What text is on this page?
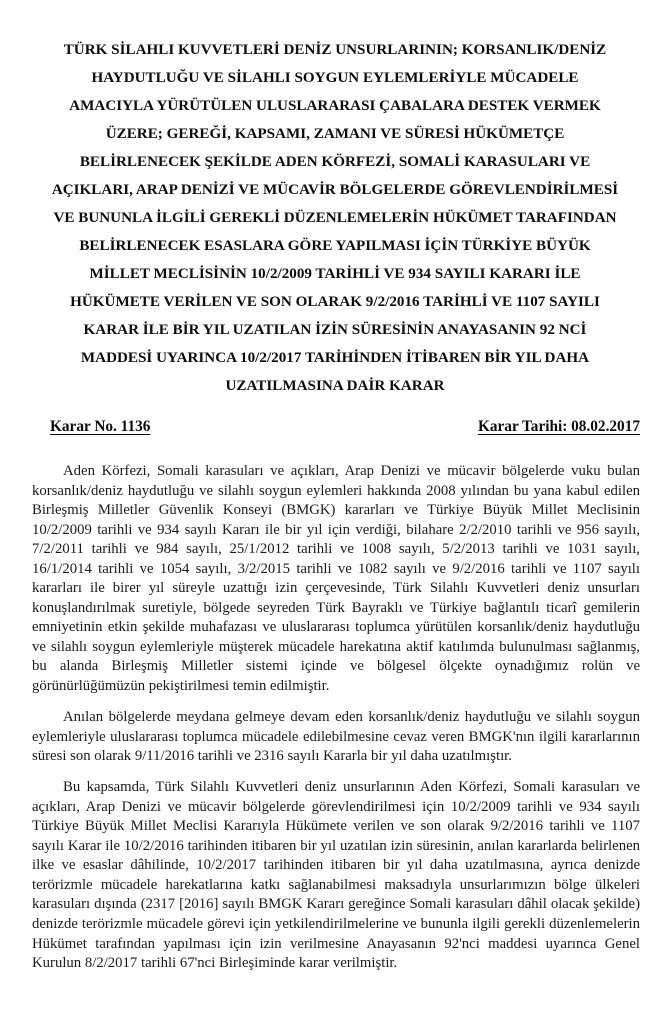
TÜRK SİLAHLI KUVVETLERİ DENİZ UNSURLARININ; KORSANLIK/DENİZ
HAYDUTLUĞU VE SİLAHLI SOYGUN EYLEMLERİYLE MÜCADELE
AMACIYLA YÜRÜTÜLEN ULUSLARARASI ÇABALARA DESTEK VERMEK
ÜZERE; GEREĞİ, KAPSAMI, ZAMANI VE SÜRESİ HÜKÜMETÇE
BELİRLENECEK ŞEKİLDE ADEN KÖRFEZİ, SOMALİ KARASULARI VE
AÇIKLARI, ARAP DENİZİ VE MÜCAVİR BÖLGELERDE GÖREVLENDİRİLMESİ
VE BUNUNLA İLGİLİ GEREKLİ DÜZENLEMELERİN HÜKÜMET TARAFINDAN
BELİRLENECEK ESASLARA GÖRE YAPILMASI İÇİN TÜRKİYE BÜYÜK
MİLLET MECLİSİNİN 10/2/2009 TARİHLİ VE 934 SAYILI KARARI İLE
HÜKÜMETE VERİLEN VE SON OLARAK 9/2/2016 TARİHLİ VE 1107 SAYILI
KARAR İLE BİR YIL UZATILAN İZİN SÜRESİNİN ANAYASANIN 92 NCİ
MADDESİ UYARINCA 10/2/2017 TARİHİNDEN İTİBAREN BİR YIL DAHA
UZATILMASINA DAİR KARAR
Karar No. 1136	Karar Tarihi: 08.02.2017

Aden Körfezi, Somali karasuları ve açıkları, Arap Denizi ve mücavir bölgelerde vuku bulan korsanlık/deniz haydutluğu ve silahlı soygun eylemleri hakkında 2008 yılından bu yana kabul edilen Birleşmiş Milletler Güvenlik Konseyi (BMGK) kararları ve Türkiye Büyük Millet Meclisinin 10/2/2009 tarihli ve 934 sayılı Kararı ile bir yıl için verdiği, bilahare 2/2/2010 tarihli ve 956 sayılı, 7/2/2011 tarihli ve 984 sayılı, 25/1/2012 tarihli ve 1008 sayılı, 5/2/2013 tarihli ve 1031 sayılı, 16/1/2014 tarihli ve 1054 sayılı, 3/2/2015 tarihli ve 1082 sayılı ve 9/2/2016 tarihli ve 1107 sayılı kararları ile birer yıl süreyle uzattığı izin çerçevesinde, Türk Silahlı Kuvvetleri deniz unsurları konuşlandırılmak suretiyle, bölgede seyreden Türk Bayraklı ve Türkiye bağlantılı ticarî gemilerin emniyetinin etkin şekilde muhafazası ve uluslararası toplumca yürütülen korsanlık/deniz haydutluğu ve silahlı soygun eylemleriyle müşterek mücadele harekatına aktif katılımda bulunulması sağlanmış, bu alanda Birleşmiş Milletler sistemi içinde ve bölgesel ölçekte oynadığımız rolün ve görünürlüğümüzün pekiştirilmesi temin edilmiştir.

Anılan bölgelerde meydana gelmeye devam eden korsanlık/deniz haydutluğu ve silahlı soygun eylemleriyle uluslararası toplumca mücadele edilebilmesine cevaz veren BMGK'nın ilgili kararlarının süresi son olarak 9/11/2016 tarihli ve 2316 sayılı Kararla bir yıl daha uzatılmıştır.

Bu kapsamda, Türk Silahlı Kuvvetleri deniz unsurlarının Aden Körfezi, Somali karasuları ve açıkları, Arap Denizi ve mücavir bölgelerde görevlendirilmesi için 10/2/2009 tarihli ve 934 sayılı Türkiye Büyük Millet Meclisi Kararıyla Hükümete verilen ve son olarak 9/2/2016 tarihli ve 1107 sayılı Karar ile 10/2/2016 tarihinden itibaren bir yıl uzatılan izin süresinin, anılan kararlarda belirlenen ilke ve esaslar dâhilinde, 10/2/2017 tarihinden itibaren bir yıl daha uzatılmasına, ayrıca denizde terörizmle mücadele harekatlarına katkı sağlanabilmesi maksadıyla unsurlarımızın bölge ülkeleri karasuları dışında (2317 [2016] sayılı BMGK Kararı gereğince Somali karasuları dâhil olacak şekilde) denizde terörizmle mücadele görevi için yetkilendirilmelerine ve bununla ilgili gerekli düzenlemelerin Hükümet tarafından yapılması için izin verilmesine Anayasanın 92'nci maddesi uyarınca Genel Kurulun 8/2/2017 tarihli 67'nci Birleşiminde karar verilmiştir.
